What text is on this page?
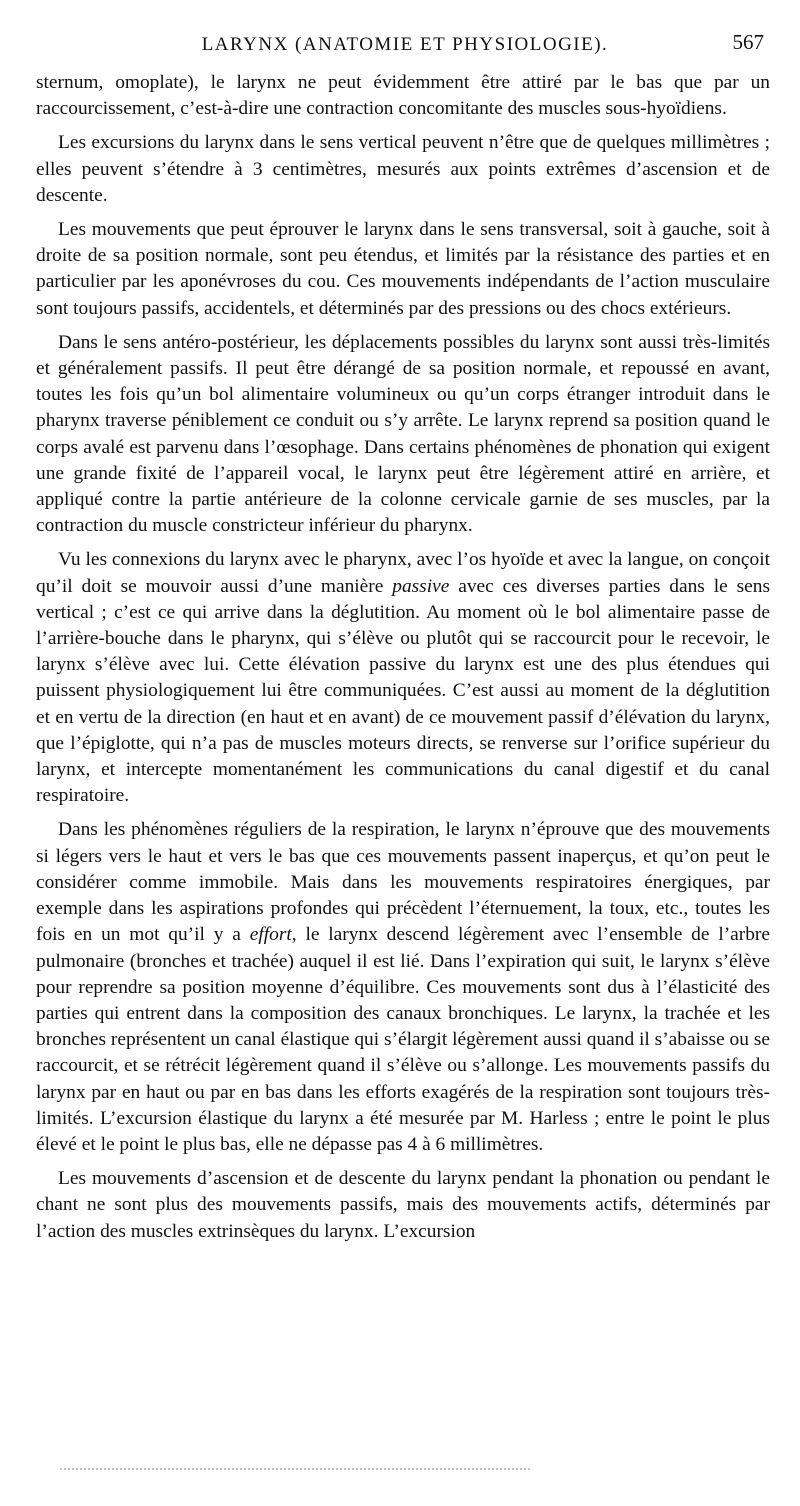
LARYNX (ANATOMIE ET PHYSIOLOGIE).	567

sternum, omoplate), le larynx ne peut évidemment être attiré par le bas que par un raccourcissement, c’est-à-dire une contraction concomitante des muscles sous-hyoïdiens.

Les excursions du larynx dans le sens vertical peuvent n’être que de quelques millimètres ; elles peuvent s’étendre à 3 centimètres, mesurés aux points extrêmes d’ascension et de descente.

Les mouvements que peut éprouver le larynx dans le sens transversal, soit à gauche, soit à droite de sa position normale, sont peu étendus, et limités par la résistance des parties et en particulier par les aponévroses du cou. Ces mouvements indépendants de l’action musculaire sont toujours passifs, accidentels, et déterminés par des pressions ou des chocs extérieurs.

Dans le sens antéro-postérieur, les déplacements possibles du larynx sont aussi très-limités et généralement passifs. Il peut être dérangé de sa position normale, et repoussé en avant, toutes les fois qu’un bol alimentaire volumineux ou qu’un corps étranger introduit dans le pharynx traverse péniblement ce conduit ou s’y arrête. Le larynx reprend sa position quand le corps avalé est parvenu dans l’œsophage. Dans certains phénomènes de phonation qui exigent une grande fixité de l’appareil vocal, le larynx peut être légèrement attiré en arrière, et appliqué contre la partie antérieure de la colonne cervicale garnie de ses muscles, par la contraction du muscle constricteur inférieur du pharynx.

Vu les connexions du larynx avec le pharynx, avec l’os hyoïde et avec la langue, on conçoit qu’il doit se mouvoir aussi d’une manière passive avec ces diverses parties dans le sens vertical ; c’est ce qui arrive dans la déglutition. Au moment où le bol alimentaire passe de l’arrière-bouche dans le pharynx, qui s’élève ou plutôt qui se raccourcit pour le recevoir, le larynx s’élève avec lui. Cette élévation passive du larynx est une des plus étendues qui puissent physiologiquement lui être communiquées. C’est aussi au moment de la déglutition et en vertu de la direction (en haut et en avant) de ce mouvement passif d’élévation du larynx, que l’épiglotte, qui n’a pas de muscles moteurs directs, se renverse sur l’orifice supérieur du larynx, et intercepte momentanément les communications du canal digestif et du canal respiratoire.

Dans les phénomènes réguliers de la respiration, le larynx n’éprouve que des mouvements si légers vers le haut et vers le bas que ces mouvements passent inaperçus, et qu’on peut le considérer comme immobile. Mais dans les mouvements respiratoires énergiques, par exemple dans les aspirations profondes qui précèdent l’éternuement, la toux, etc., toutes les fois en un mot qu’il y a effort, le larynx descend légèrement avec l’ensemble de l’arbre pulmonaire (bronches et trachée) auquel il est lié. Dans l’expiration qui suit, le larynx s’élève pour reprendre sa position moyenne d’équilibre. Ces mouvements sont dus à l’élasticité des parties qui entrent dans la composition des canaux bronchiques. Le larynx, la trachée et les bronches représentent un canal élastique qui s’élargit légèrement aussi quand il s’abaisse ou se raccourcit, et se rétrécit légèrement quand il s’élève ou s’allonge. Les mouvements passifs du larynx par en haut ou par en bas dans les efforts exagérés de la respiration sont toujours très-limités. L’excursion élastique du larynx a été mesurée par M. Harless ; entre le point le plus élevé et le point le plus bas, elle ne dépasse pas 4 à 6 millimètres.

Les mouvements d’ascension et de descente du larynx pendant la phonation ou pendant le chant ne sont plus des mouvements passifs, mais des mouvements actifs, déterminés par l’action des muscles extrinsèques du larynx. L’excursion
